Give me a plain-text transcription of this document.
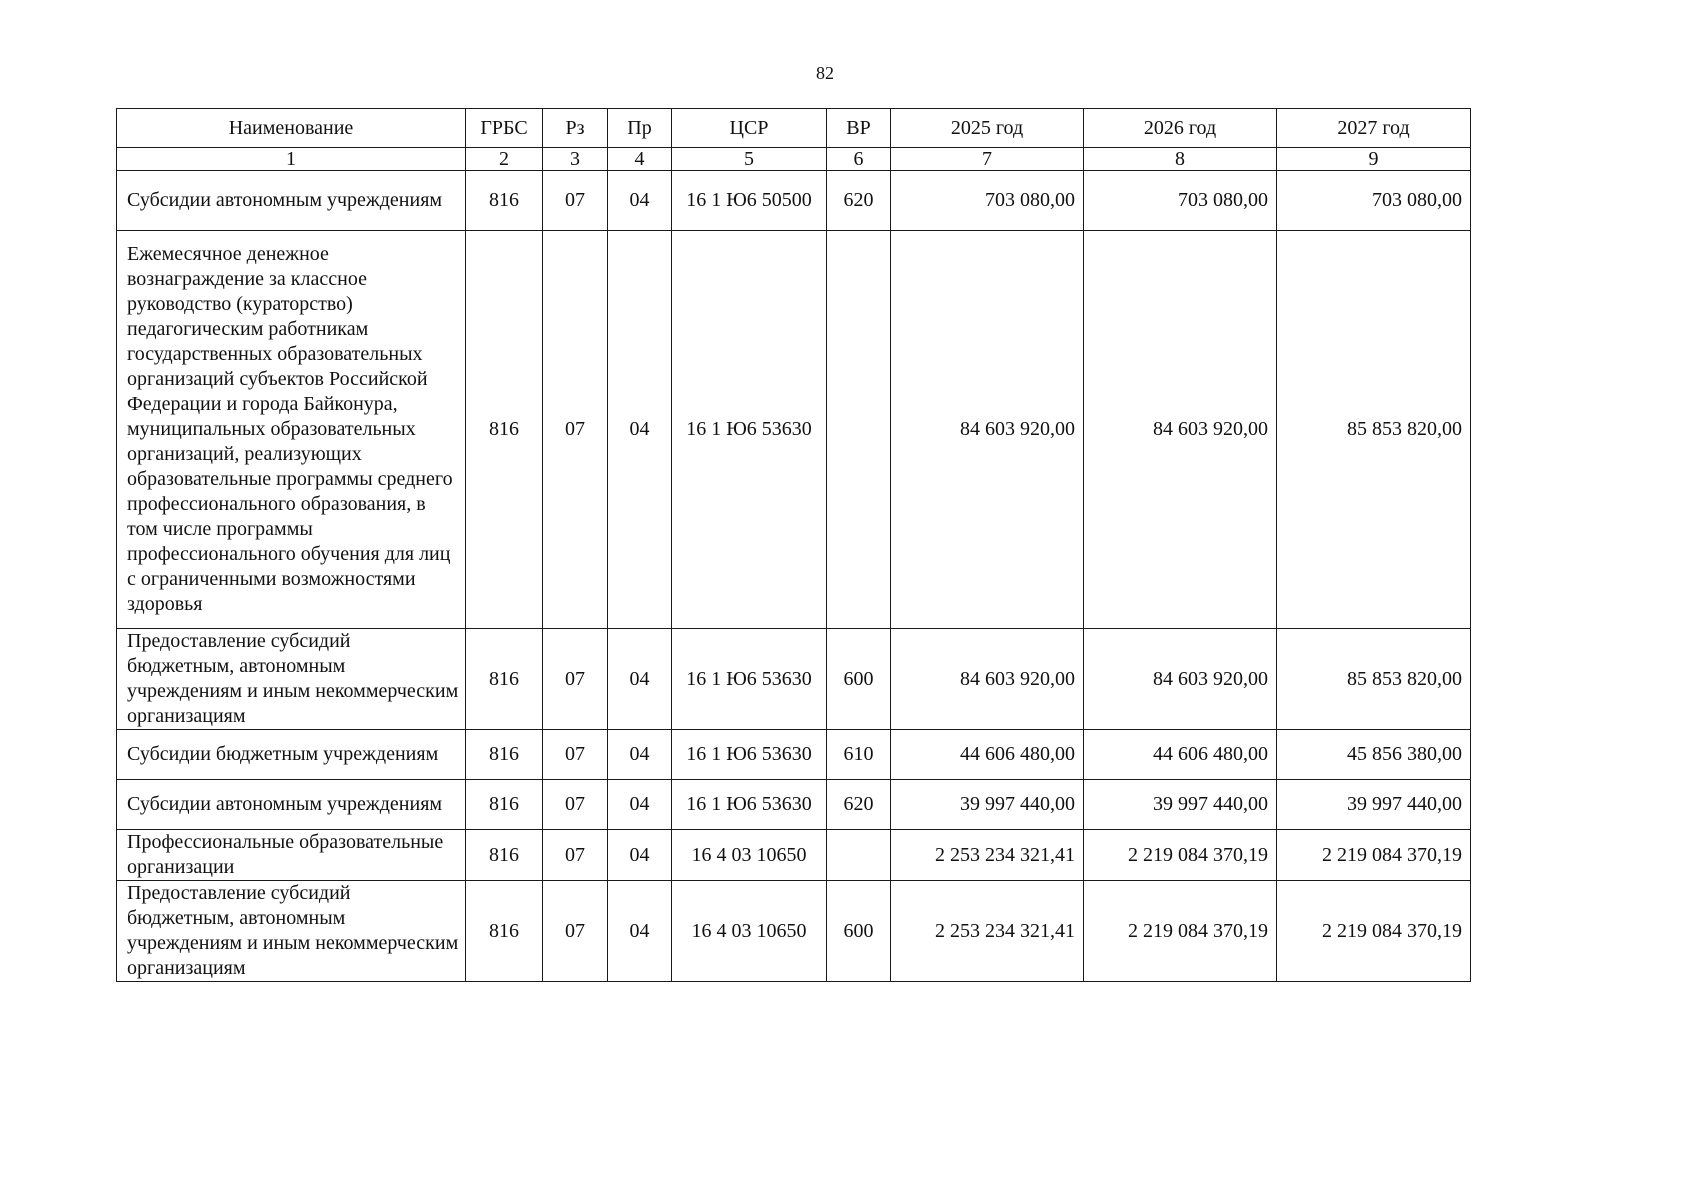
82
Наименование	ГРБС	Рз	Пр	ЦСР	ВР	2025 год	2026 год	2027 год
1	2	3	4	5	6	7	8	9
Субсидии автономным учреждениям	816	07	04	16 1 Ю6 50500	620	703 080,00	703 080,00	703 080,00
Ежемесячное денежное вознаграждение за классное руководство (кураторство) педагогическим работникам государственных образовательных организаций субъектов Российской Федерации и города Байконура, муниципальных образовательных организаций, реализующих образовательные программы среднего профессионального образования, в том числе программы профессионального обучения для лиц с ограниченными возможностями здоровья	816	07	04	16 1 Ю6 53630		84 603 920,00	84 603 920,00	85 853 820,00
Предоставление субсидий бюджетным, автономным учреждениям и иным некоммерческим организациям	816	07	04	16 1 Ю6 53630	600	84 603 920,00	84 603 920,00	85 853 820,00
Субсидии бюджетным учреждениям	816	07	04	16 1 Ю6 53630	610	44 606 480,00	44 606 480,00	45 856 380,00
Субсидии автономным учреждениям	816	07	04	16 1 Ю6 53630	620	39 997 440,00	39 997 440,00	39 997 440,00
Профессиональные образовательные организации	816	07	04	16 4 03 10650		2 253 234 321,41	2 219 084 370,19	2 219 084 370,19
Предоставление субсидий бюджетным, автономным учреждениям и иным некоммерческим организациям	816	07	04	16 4 03 10650	600	2 253 234 321,41	2 219 084 370,19	2 219 084 370,19
